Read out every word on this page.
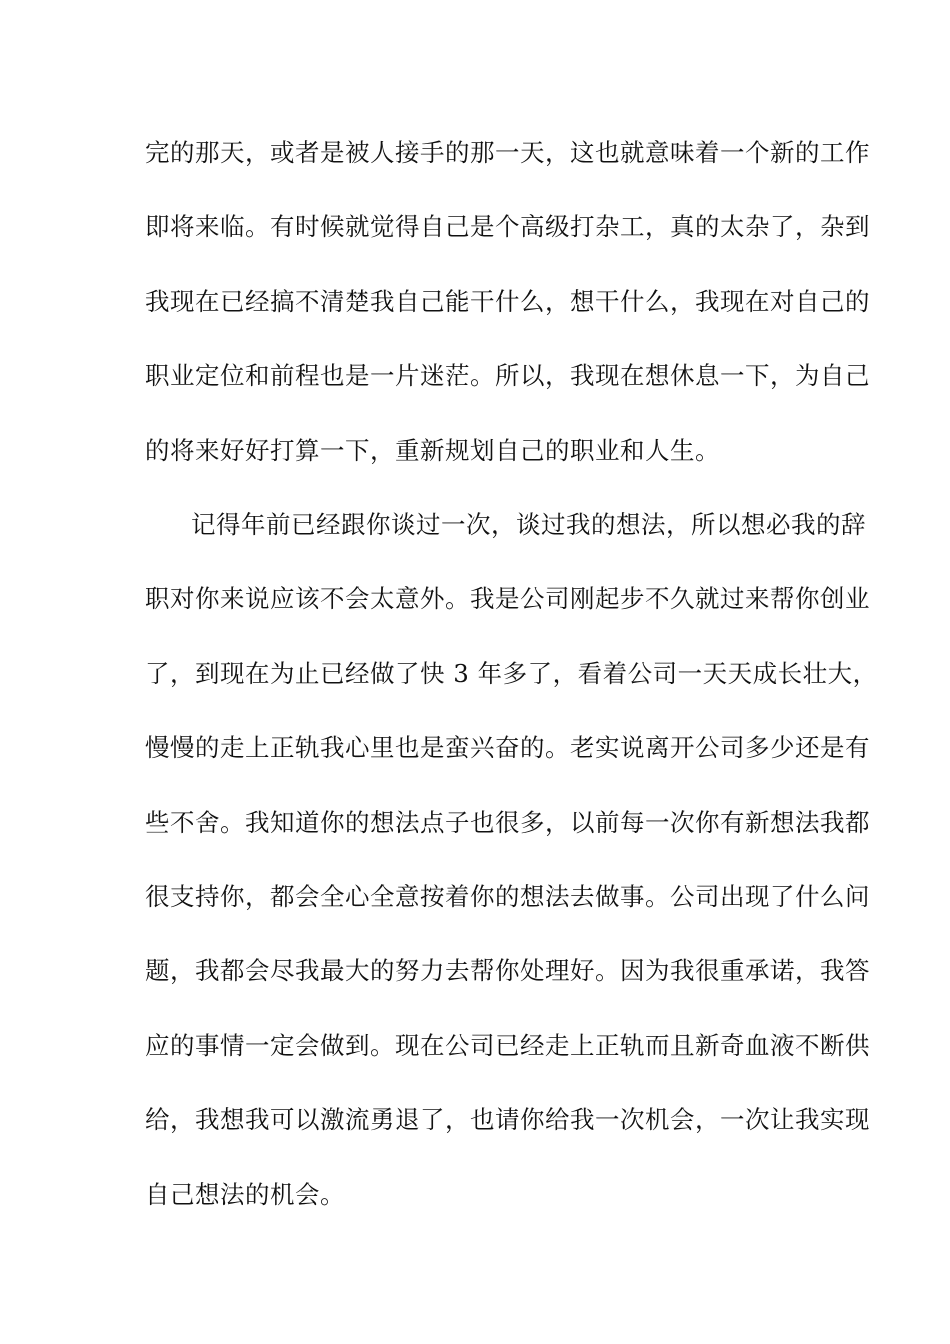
完的那天，或者是被人接手的那一天，这也就意味着一个新的工作
即将来临。有时候就觉得自己是个高级打杂工，真的太杂了，杂到
我现在已经搞不清楚我自己能干什么，想干什么，我现在对自己的
职业定位和前程也是一片迷茫。所以，我现在想休息一下，为自己
的将来好好打算一下，重新规划自己的职业和人生。
记得年前已经跟你谈过一次，谈过我的想法，所以想必我的辞
职对你来说应该不会太意外。我是公司刚起步不久就过来帮你创业
了，到现在为止已经做了快 3 年多了，看着公司一天天成长壮大，
慢慢的走上正轨我心里也是蛮兴奋的。老实说离开公司多少还是有
些不舍。我知道你的想法点子也很多，以前每一次你有新想法我都
很支持你，都会全心全意按着你的想法去做事。公司出现了什么问
题，我都会尽我最大的努力去帮你处理好。因为我很重承诺，我答
应的事情一定会做到。现在公司已经走上正轨而且新奇血液不断供
给，我想我可以激流勇退了，也请你给我一次机会，一次让我实现
自己想法的机会。
